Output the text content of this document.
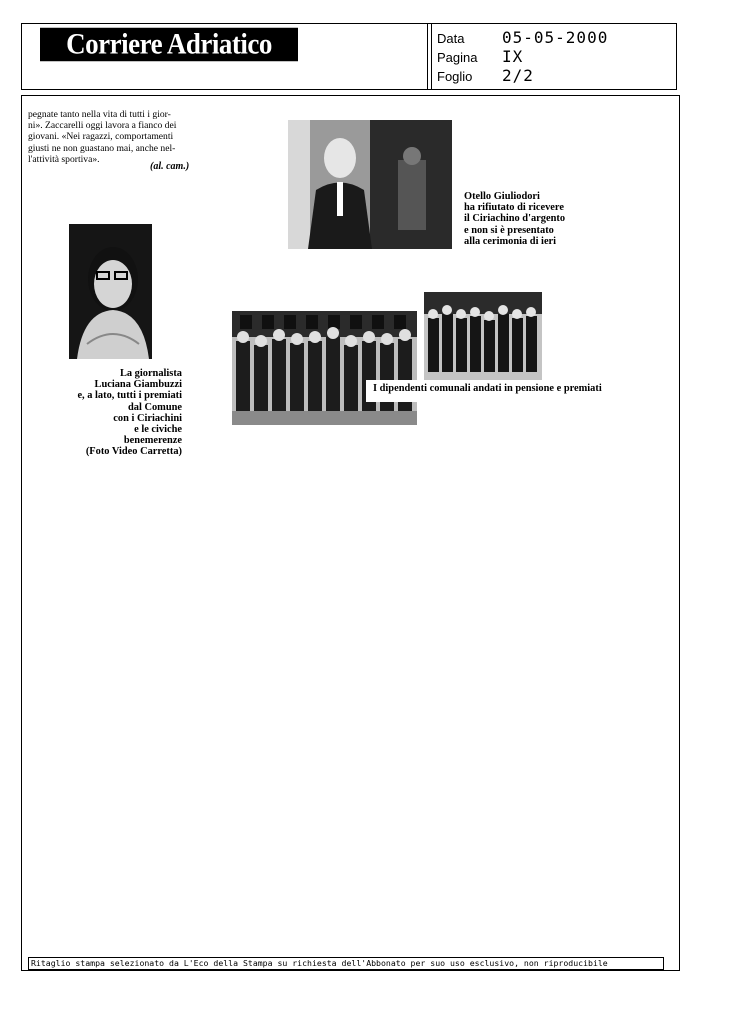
Corriere Adriatico	Data 05-05-2000
Pagina IX
Foglio 2/2

pegnate tanto nella vita di tutti i gior-

ni». Zaccarelli oggi lavora a fianco dei

giovani. «Nei ragazzi, comportamenti

giusti ne non guastano mai, anche nel-

l'attività sportiva».

(al. cam.)
Otello Giuliodori
ha rifiutato di ricevere
il Ciriachino d'argento
e non si è presentato
alla cerimonia di ieri
La giornalista
Luciana Giambuzzi
e, a lato, tutti i premiati
dal Comune
con i Ciriachini
e le civiche
benemerenze
(Foto Video Carretta)
I dipendenti comunali andati in pensione e premiati
Ritaglio stampa selezionato da L'Eco della Stampa su richiesta dell'Abbonato per suo uso esclusivo, non riproducibile
